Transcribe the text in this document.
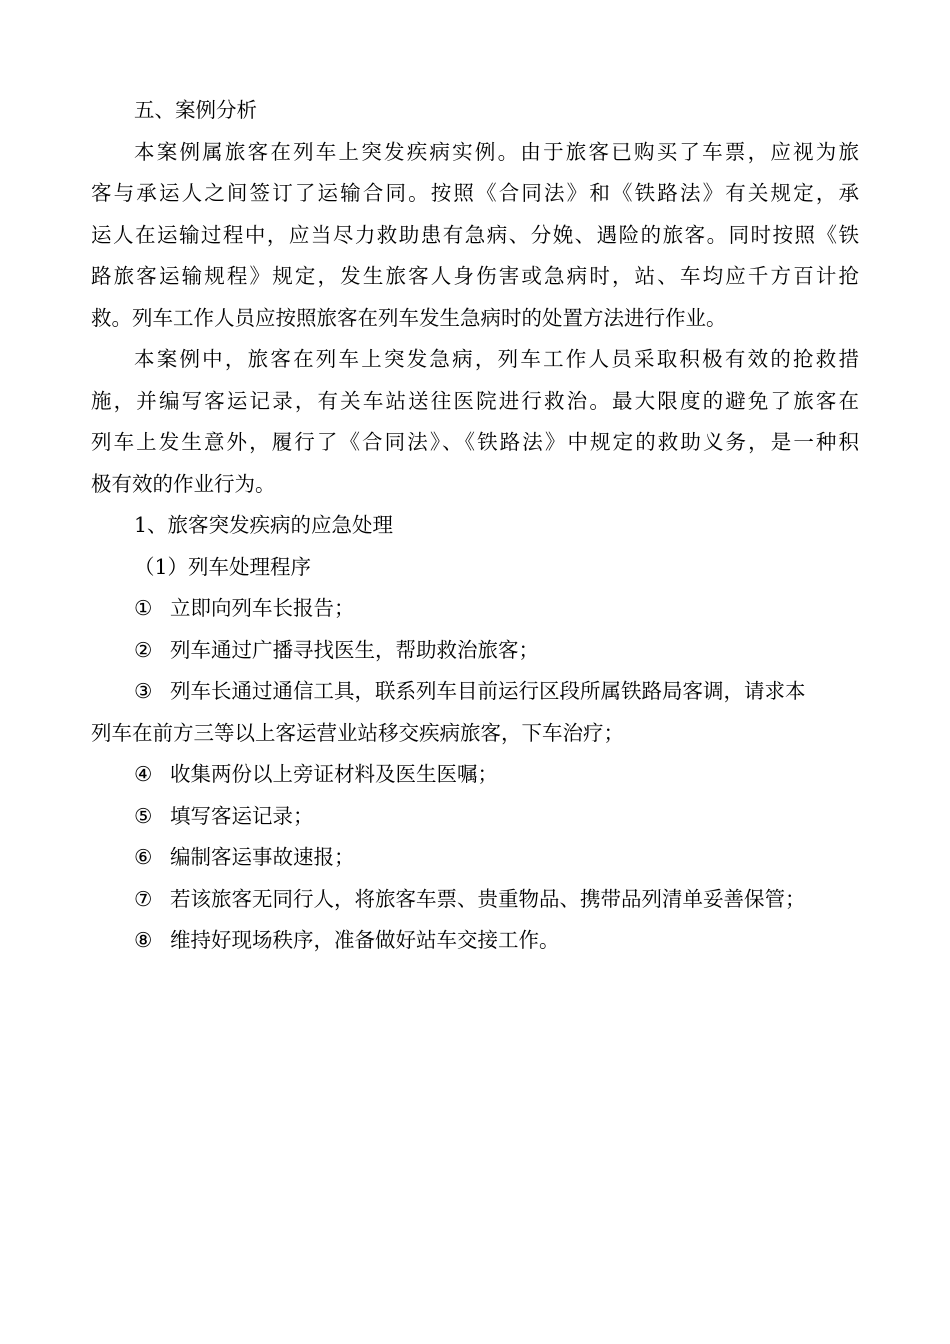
五、案例分析
本案例属旅客在列车上突发疾病实例。由于旅客已购买了车票，应视为旅
客与承运人之间签订了运输合同。按照《合同法》和《铁路法》有关规定，承
运人在运输过程中，应当尽力救助患有急病、分娩、遇险的旅客。同时按照《铁
路旅客运输规程》规定，发生旅客人身伤害或急病时，站、车均应千方百计抢
救。列车工作人员应按照旅客在列车发生急病时的处置方法进行作业。
本案例中，旅客在列车上突发急病，列车工作人员采取积极有效的抢救措
施，并编写客运记录，有关车站送往医院进行救治。最大限度的避免了旅客在
列车上发生意外，履行了《合同法》、《铁路法》中规定的救助义务，是一种积
极有效的作业行为。
1、旅客突发疾病的应急处理
（1）列车处理程序
① 立即向列车长报告；
② 列车通过广播寻找医生，帮助救治旅客；
③ 列车长通过通信工具，联系列车目前运行区段所属铁路局客调，请求本
列车在前方三等以上客运营业站移交疾病旅客，下车治疗；
④ 收集两份以上旁证材料及医生医嘱；
⑤ 填写客运记录；
⑥ 编制客运事故速报；
⑦ 若该旅客无同行人，将旅客车票、贵重物品、携带品列清单妥善保管；
⑧ 维持好现场秩序，准备做好站车交接工作。
